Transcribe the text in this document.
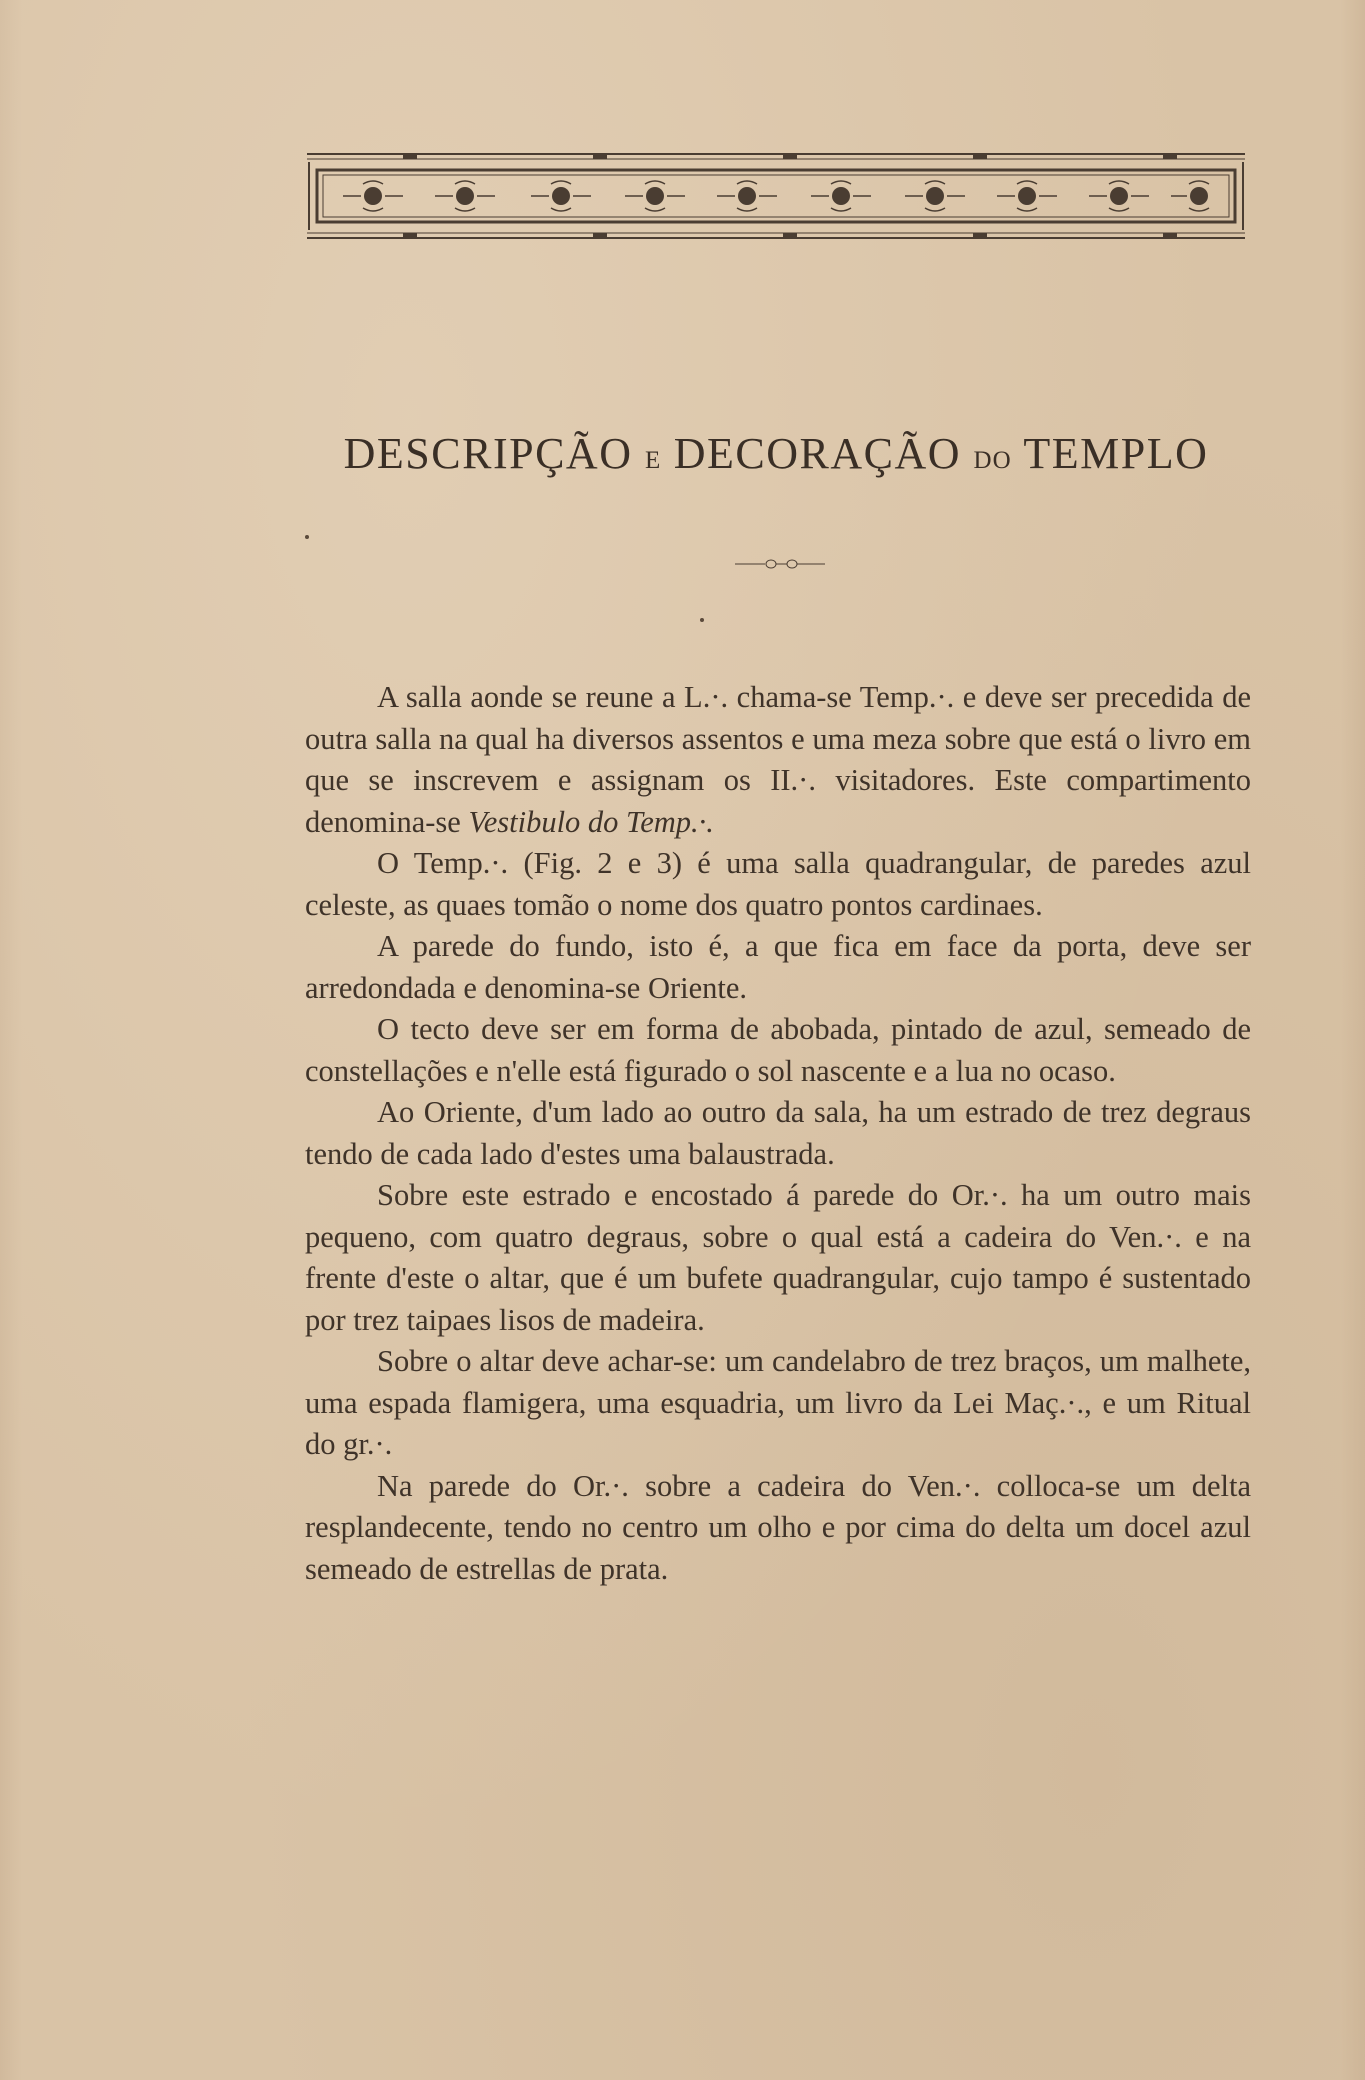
DESCRIPÇÃO E DECORAÇÃO DO TEMPLO

A salla aonde se reune a L.·. chama-se Temp.·. e deve ser precedida de outra salla na qual ha diversos assentos e uma meza sobre que está o livro em que se inscrevem e assignam os II.·. visitadores. Este compartimento denomina-se Vestibulo do Temp.·.

O Temp.·. (Fig. 2 e 3) é uma salla quadrangular, de paredes azul celeste, as quaes tomão o nome dos quatro pontos cardinaes.

A parede do fundo, isto é, a que fica em face da porta, deve ser arredondada e denomina-se Oriente.

O tecto deve ser em forma de abobada, pintado de azul, semeado de constellações e n'elle está figurado o sol nascente e a lua no ocaso.

Ao Oriente, d'um lado ao outro da sala, ha um estrado de trez degraus tendo de cada lado d'estes uma balaustrada.

Sobre este estrado e encostado á parede do Or.·. ha um outro mais pequeno, com quatro degraus, sobre o qual está a cadeira do Ven.·. e na frente d'este o altar, que é um bufete quadrangular, cujo tampo é sustentado por trez taipaes lisos de madeira.

Sobre o altar deve achar-se: um candelabro de trez braços, um malhete, uma espada flamigera, uma esquadria, um livro da Lei Maç.·., e um Ritual do gr.·.

Na parede do Or.·. sobre a cadeira do Ven.·. colloca-se um delta resplandecente, tendo no centro um olho e por cima do delta um docel azul semeado de estrellas de prata.
